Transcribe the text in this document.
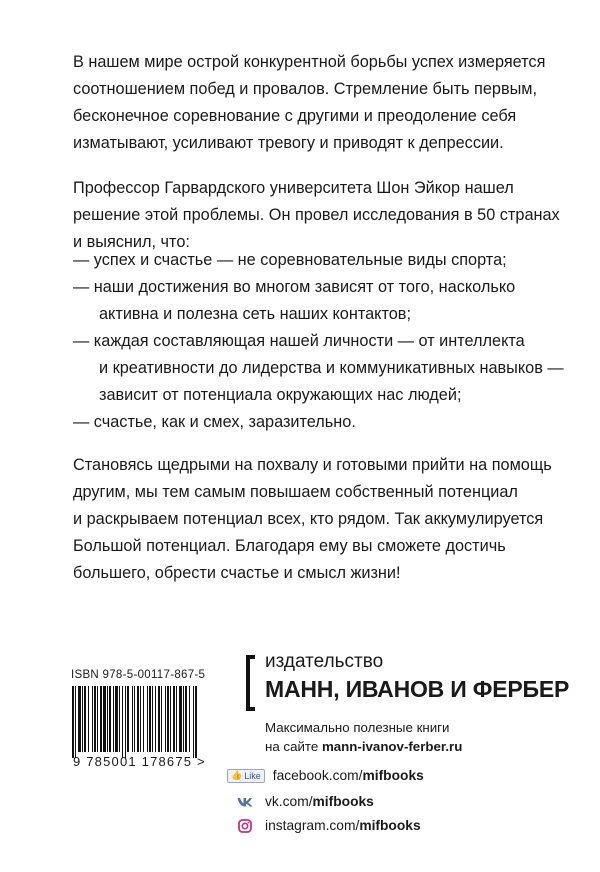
В нашем мире острой конкурентной борьбы успех измеряется
соотношением побед и провалов. Стремление быть первым,
бесконечное соревнование с другими и преодоление себя
изматывают, усиливают тревогу и приводят к депрессии.

Профессор Гарвардского университета Шон Эйкор нашел
решение этой проблемы. Он провел исследования в 50 странах
и выяснил, что:

— успех и счастье — не соревновательные виды спорта;
— наши достижения во многом зависят от того, насколько
активна и полезна сеть наших контактов;
— каждая составляющая нашей личности — от интеллекта
и креативности до лидерства и коммуникативных навыков —
зависит от потенциала окружающих нас людей;
— счастье, как и смех, заразительно.

Становясь щедрыми на похвалу и готовыми прийти на помощь
другим, мы тем самым повышаем собственный потенциал
и раскрываем потенциал всех, кто рядом. Так аккумулируется
Большой потенциал. Благодаря ему вы сможете достичь
большего, обрести счастье и смысл жизни!

ISBN 978-5-00117-867-5
9 785001 178675 >
издательство
МАНН, ИВАНОВ И ФЕРБЕР
Максимально полезные книги
на сайте mann-ivanov-ferber.ru
👍 Like facebook.com/ mifbooks
vk.com/ mifbooks
instagram.com/ mifbooks
